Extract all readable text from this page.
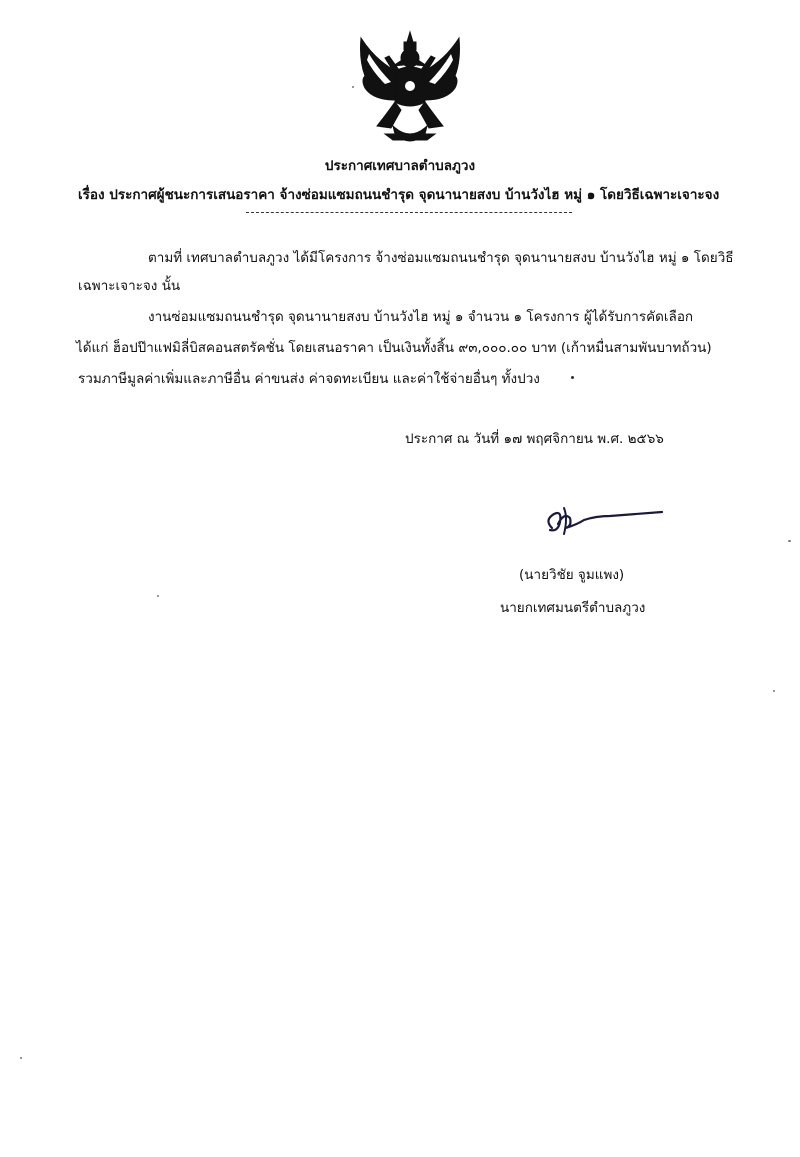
ประกาศเทศบาลตำบลภูวง
เรื่อง ประกาศผู้ชนะการเสนอราคา จ้างซ่อมแซมถนนชำรุด จุดนานายสงบ บ้านวังไฮ หมู่ ๑ โดยวิธีเฉพาะเจาะจง
ตามที่ เทศบาลตำบลภูวง ได้มีโครงการ จ้างซ่อมแซมถนนชำรุด จุดนานายสงบ บ้านวังไฮ หมู่ ๑ โดยวิธี
เฉพาะเจาะจง นั้น
งานซ่อมแซมถนนชำรุด จุดนานายสงบ บ้านวังไฮ หมู่ ๑ จำนวน ๑ โครงการ ผู้ได้รับการคัดเลือก
ได้แก่ ฮ็อปป๊าแฟมิลี่บิสคอนสตรัคชั่น โดยเสนอราคา เป็นเงินทั้งสิ้น ๙๓,๐๐๐.๐๐ บาท (เก้าหมื่นสามพันบาทถ้วน)
รวมภาษีมูลค่าเพิ่มและภาษีอื่น ค่าขนส่ง ค่าจดทะเบียน และค่าใช้จ่ายอื่นๆ ทั้งปวง
ประกาศ ณ วันที่ ๑๗ พฤศจิกายน พ.ศ. ๒๕๖๖
(นายวิชัย จูมแพง)
นายกเทศมนตรีตำบลภูวง
